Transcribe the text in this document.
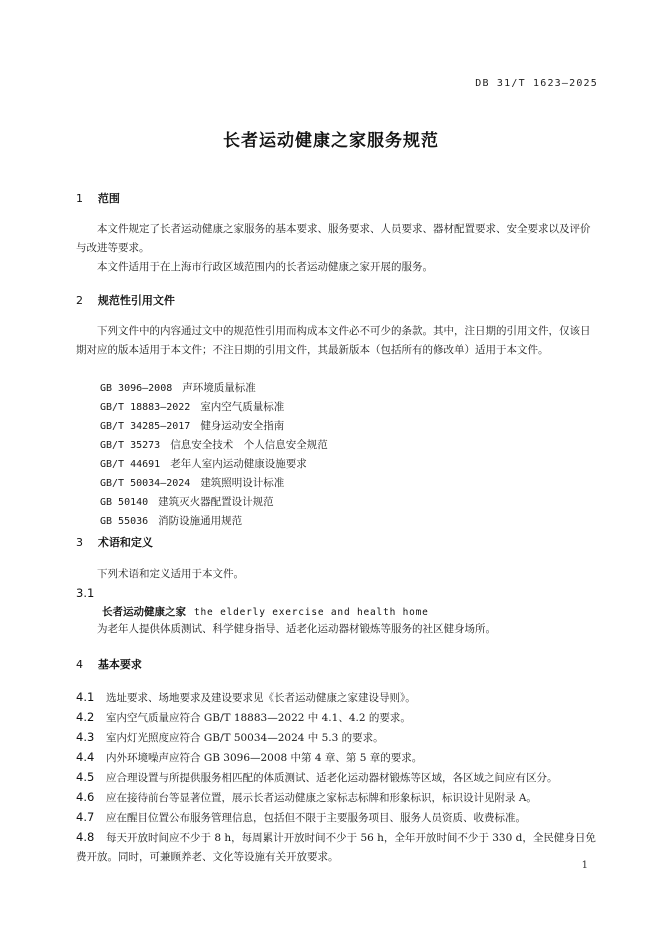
DB 31/T 1623—2025
长者运动健康之家服务规范
1 范围
本文件规定了长者运动健康之家服务的基本要求、服务要求、人员要求、器材配置要求、安全要求以及评价与改进等要求。
本文件适用于在上海市行政区域范围内的长者运动健康之家开展的服务。
2 规范性引用文件
下列文件中的内容通过文中的规范性引用而构成本文件必不可少的条款。其中，注日期的引用文件，仅该日期对应的版本适用于本文件；不注日期的引用文件，其最新版本（包括所有的修改单）适用于本文件。
GB 3096—2008 声环境质量标准
GB/T 18883—2022 室内空气质量标准
GB/T 34285—2017 健身运动安全指南
GB/T 35273 信息安全技术　个人信息安全规范
GB/T 44691 老年人室内运动健康设施要求
GB/T 50034—2024 建筑照明设计标准
GB 50140 建筑灭火器配置设计规范
GB 55036 消防设施通用规范
3 术语和定义
下列术语和定义适用于本文件。
3.1
长者运动健康之家 the elderly exercise and health home
为老年人提供体质测试、科学健身指导、适老化运动器材锻炼等服务的社区健身场所。
4 基本要求
4.1 选址要求、场地要求及建设要求见《长者运动健康之家建设导则》。
4.2 室内空气质量应符合 GB/T 18883—2022 中 4.1、4.2 的要求。
4.3 室内灯光照度应符合 GB/T 50034—2024 中 5.3 的要求。
4.4 内外环境噪声应符合 GB 3096—2008 中第 4 章、第 5 章的要求。
4.5 应合理设置与所提供服务相匹配的体质测试、适老化运动器材锻炼等区域，各区域之间应有区分。
4.6 应在接待前台等显著位置，展示长者运动健康之家标志标牌和形象标识，标识设计见附录 A。
4.7 应在醒目位置公布服务管理信息，包括但不限于主要服务项目、服务人员资质、收费标准。
4.8 每天开放时间应不少于 8 h，每周累计开放时间不少于 56 h，全年开放时间不少于 330 d，全民健身日免费开放。同时，可兼顾养老、文化等设施有关开放要求。
1
